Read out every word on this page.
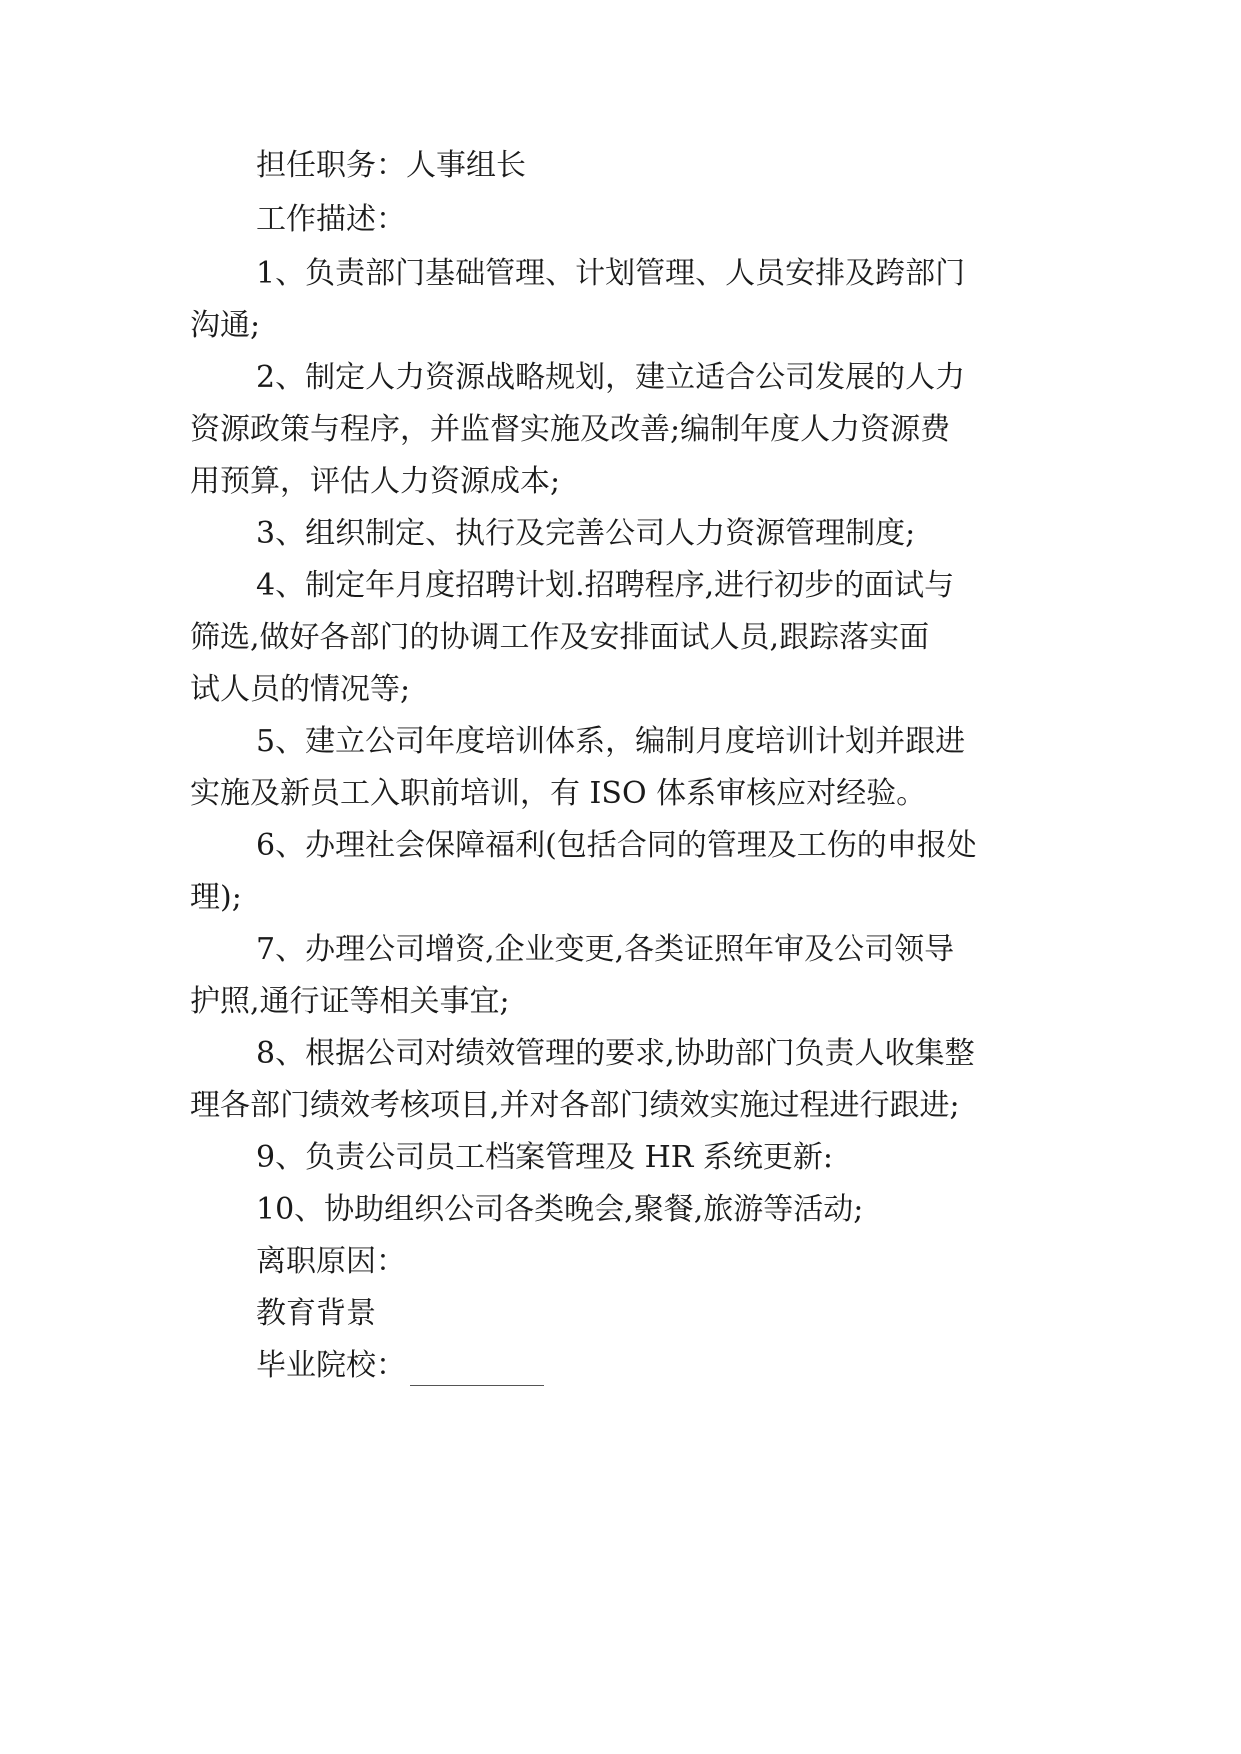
担任职务：人事组长
工作描述：
1、负责部门基础管理、计划管理、人员安排及跨部门
沟通;
2、制定人力资源战略规划，建立适合公司发展的人力
资源政策与程序，并监督实施及改善;编制年度人力资源费
用预算，评估人力资源成本;
3、组织制定、执行及完善公司人力资源管理制度;
4、制定年月度招聘计划.招聘程序,进行初步的面试与
筛选,做好各部门的协调工作及安排面试人员,跟踪落实面
试人员的情况等;
5、建立公司年度培训体系，编制月度培训计划并跟进
实施及新员工入职前培训，有 ISO 体系审核应对经验。
6、办理社会保障福利(包括合同的管理及工伤的申报处
理);
7、办理公司增资,企业变更,各类证照年审及公司领导
护照,通行证等相关事宜;
8、根据公司对绩效管理的要求,协助部门负责人收集整
理各部门绩效考核项目,并对各部门绩效实施过程进行跟进;
9、负责公司员工档案管理及 HR 系统更新:
10、协助组织公司各类晚会,聚餐,旅游等活动;
离职原因：
教育背景
毕业院校：
